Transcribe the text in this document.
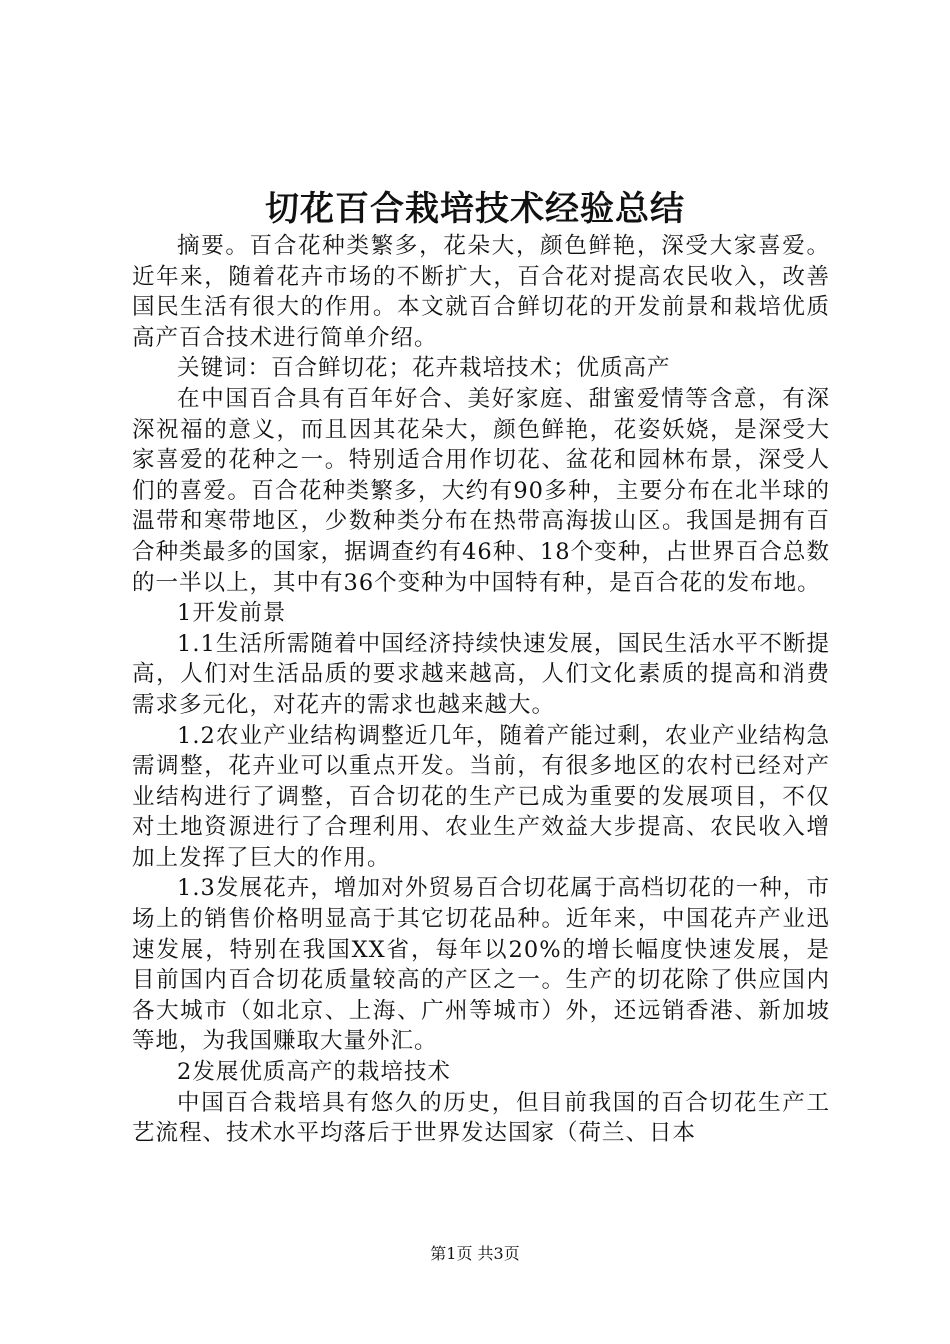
切花百合栽培技术经验总结

摘要。百合花种类繁多，花朵大，颜色鲜艳，深受大家喜爱。近年来，随着花卉市场的不断扩大，百合花对提高农民收入，改善国民生活有很大的作用。本文就百合鲜切花的开发前景和栽培优质高产百合技术进行简单介绍。

关键词：百合鲜切花；花卉栽培技术；优质高产

在中国百合具有百年好合、美好家庭、甜蜜爱情等含意，有深深祝福的意义，而且因其花朵大，颜色鲜艳，花姿妖娆，是深受大家喜爱的花种之一。特别适合用作切花、盆花和园林布景，深受人们的喜爱。百合花种类繁多，大约有90多种，主要分布在北半球的温带和寒带地区，少数种类分布在热带高海拔山区。我国是拥有百合种类最多的国家，据调查约有46种、18个变种，占世界百合总数的一半以上，其中有36个变种为中国特有种，是百合花的发布地。

1开发前景

1.1生活所需随着中国经济持续快速发展，国民生活水平不断提高，人们对生活品质的要求越来越高，人们文化素质的提高和消费需求多元化，对花卉的需求也越来越大。

1.2农业产业结构调整近几年，随着产能过剩，农业产业结构急需调整，花卉业可以重点开发。当前，有很多地区的农村已经对产业结构进行了调整，百合切花的生产已成为重要的发展项目，不仅对土地资源进行了合理利用、农业生产效益大步提高、农民收入增加上发挥了巨大的作用。

1.3发展花卉，增加对外贸易百合切花属于高档切花的一种，市场上的销售价格明显高于其它切花品种。近年来，中国花卉产业迅速发展，特别在我国XX省，每年以20%的增长幅度快速发展，是目前国内百合切花质量较高的产区之一。生产的切花除了供应国内各大城市（如北京、上海、广州等城市）外，还远销香港、新加坡等地，为我国赚取大量外汇。

2发展优质高产的栽培技术

中国百合栽培具有悠久的历史，但目前我国的百合切花生产工艺流程、技术水平均落后于世界发达国家（荷兰、日本

第1页 共3页
